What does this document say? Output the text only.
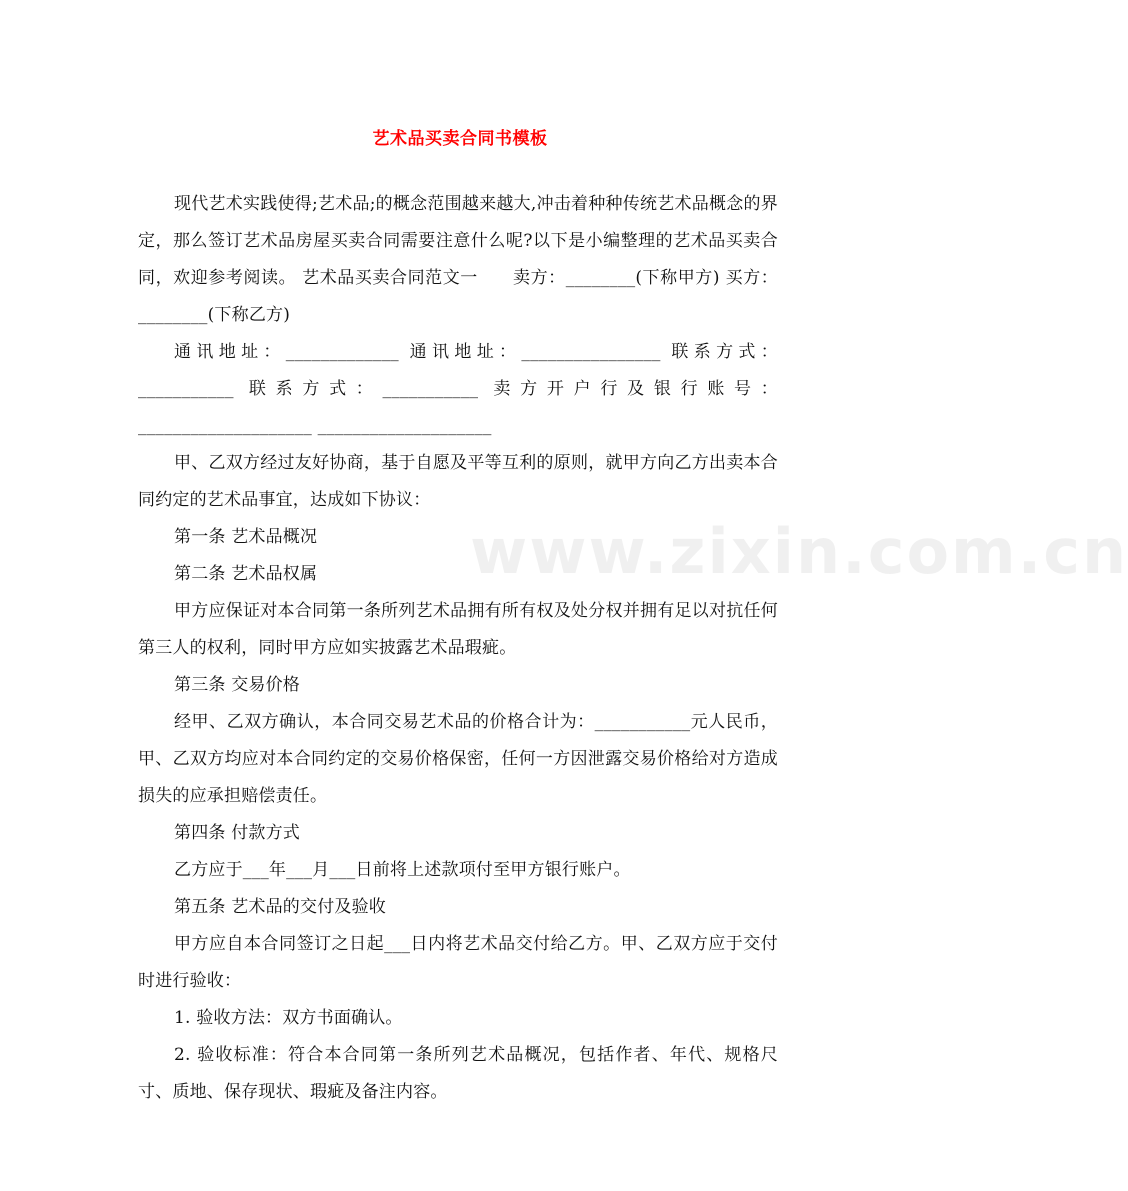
www.zixin.com.cn
艺术品买卖合同书模板

现代艺术实践使得;艺术品;的概念范围越来越大,冲击着种种传统艺术品概念的界定，那么签订艺术品房屋买卖合同需要注意什么呢?以下是小编整理的艺术品买卖合同，欢迎参考阅读。 艺术品买卖合同范文一　　卖方：________(下称甲方) 买方：________(下称乙方)

通讯地址：_____________ 通讯地址：________________ 联系方式：___________ 联系方式：___________ 卖方开户行及银行账号：____________________ ____________________

甲、乙双方经过友好协商，基于自愿及平等互利的原则，就甲方向乙方出卖本合同约定的艺术品事宜，达成如下协议：

第一条 艺术品概况

第二条 艺术品权属

甲方应保证对本合同第一条所列艺术品拥有所有权及处分权并拥有足以对抗任何第三人的权利，同时甲方应如实披露艺术品瑕疵。

第三条 交易价格

经甲、乙双方确认，本合同交易艺术品的价格合计为：___________元人民币，甲、乙双方均应对本合同约定的交易价格保密，任何一方因泄露交易价格给对方造成损失的应承担赔偿责任。

第四条 付款方式

乙方应于___年___月___日前将上述款项付至甲方银行账户。

第五条 艺术品的交付及验收

甲方应自本合同签订之日起___日内将艺术品交付给乙方。甲、乙双方应于交付时进行验收：

1. 验收方法：双方书面确认。

2. 验收标准：符合本合同第一条所列艺术品概况，包括作者、年代、规格尺寸、质地、保存现状、瑕疵及备注内容。
